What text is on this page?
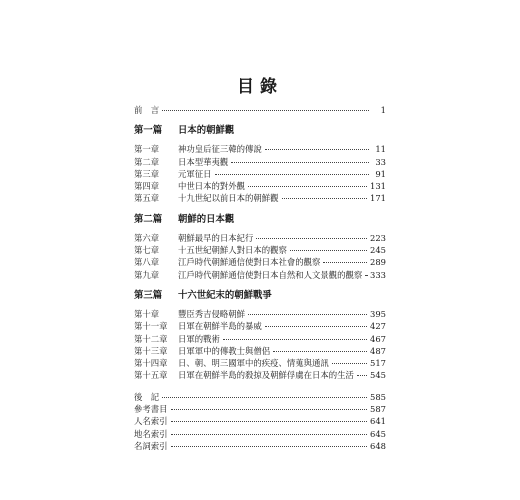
目錄
前　言	1
第一篇 日本的朝鮮觀
第一章 神功皇后征三韓的傳說	11
第二章 日本型華夷觀	33
第三章 元軍征日	91
第四章 中世日本的對外觀	131
第五章 十九世紀以前日本的朝鮮觀	171
第二篇 朝鮮的日本觀
第六章 朝鮮最早的日本紀行	223
第七章 十五世紀朝鮮人對日本的觀察	245
第八章 江戶時代朝鮮通信使對日本社會的觀察	289
第九章 江戶時代朝鮮通信使對日本自然和人文景觀的觀察 333
第三篇 十六世紀末的朝鮮戰爭
第十章 豐臣秀吉侵略朝鮮	395
第十一章 日軍在朝鮮半島的暴威	427
第十二章 日軍的戰術	467
第十三章 日軍軍中的傳教士與僧侶	487
第十四章 日、朝、明三國軍中的疾疫、情蒐與通訊	517
第十五章 日軍在朝鮮半島的殺掠及朝鮮俘虜在日本的生活 545
後　記	585
參考書目	587
人名索引	641
地名索引	645
名詞索引	648
